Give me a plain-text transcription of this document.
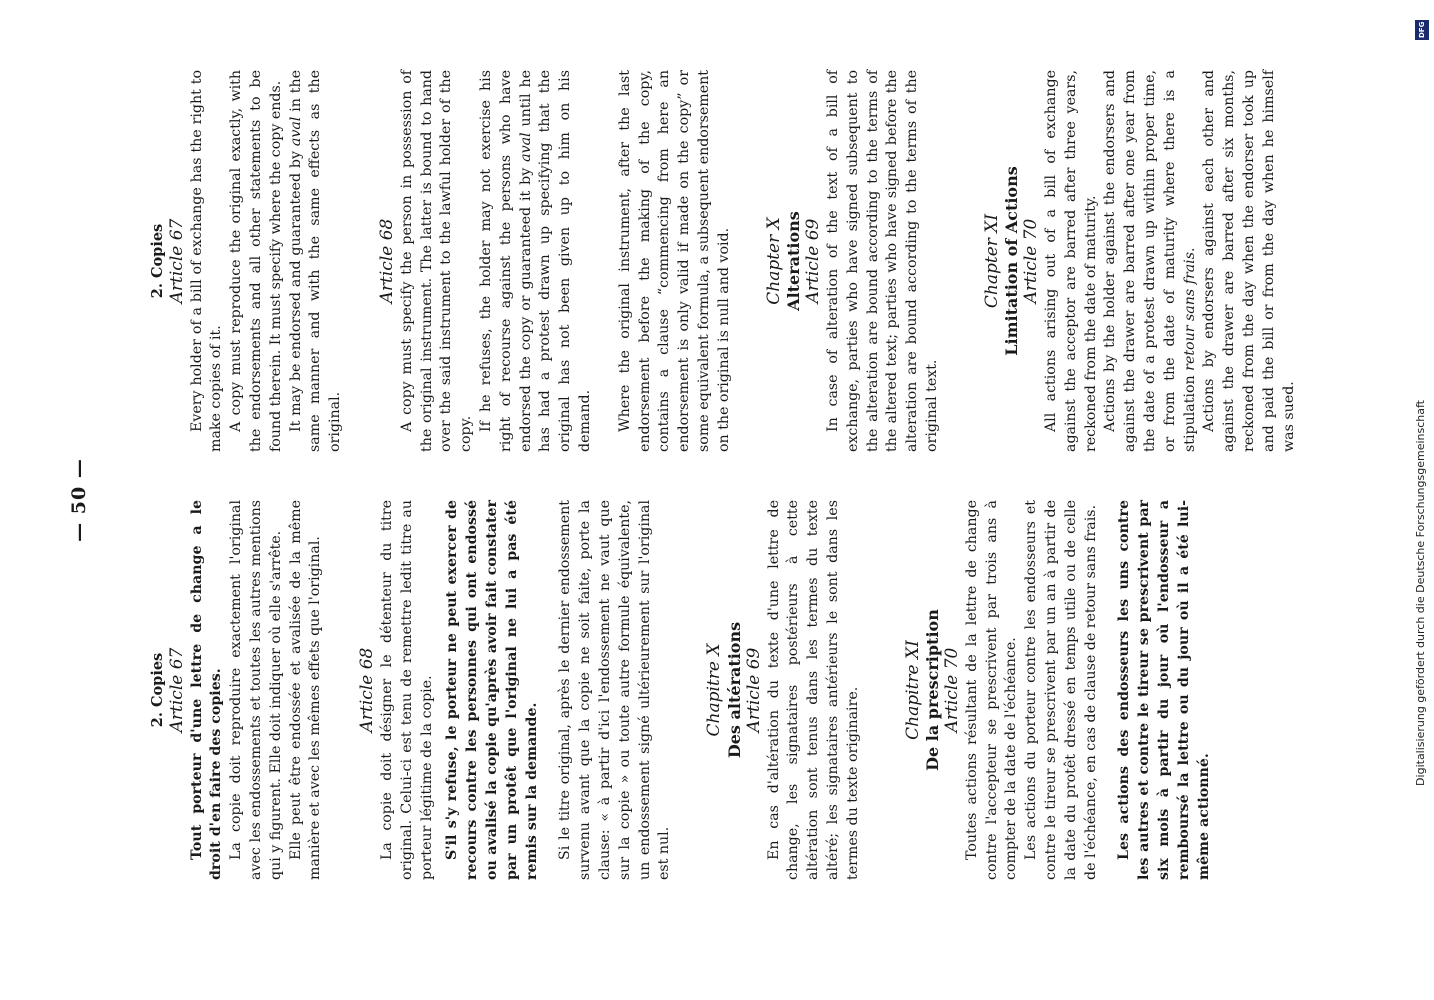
— 50 —
2. Copies Article 67 Tout porteur d'une lettre de change a le droit d'en faire des copies. La copie doit reproduire exactement l'original avec les endossements et toutes les autres mentions qui y figurent. Elle doit indiquer où elle s'arrête. Elle peut être endossée et avalisée de la même manière et avec les mêmes effets que l'original. Article 68 La copie doit désigner le détenteur du titre original. Celui-ci est tenu de remettre ledit titre au porteur légitime de la copie. S'il s'y refuse, le porteur ne peut exercer de recours contre les personnes qui ont endossé ou avalisé la copie qu'après avoir fait constater par un protêt que l'original ne lui a pas été remis sur la demande. Si le titre original, après le dernier endossement survenu avant que la copie ne soit faite, porte la clause: « à partir d'ici l'endossement ne vaut que sur la copie » ou toute autre formule équivalente, un endossement signé ultérieurement sur l'original est nul.

Chapitre X Des altérations Article 69 En cas d'altération du texte d'une lettre de change, les signataires postérieurs à cette altération sont tenus dans les termes du texte altéré; les signataires antérieurs le sont dans les termes du texte originaire. Chapitre XI De la prescription Article 70 Toutes actions résultant de la lettre de change contre l'accepteur se prescrivent par trois ans à compter de la date de l'échéance. Les actions du porteur contre les endosseurs et contre le tireur se prescrivent par un an à partir de la date du protêt dressé en temps utile ou de celle de l'échéance, en cas de clause de retour sans frais. Les actions des endosseurs les uns contre les autres et contre le tireur se prescrivent par six mois à partir du jour où l'endosseur a remboursé la lettre ou du jour où il a été lui-même actionné.

2. Copies Article 67 Every holder of a bill of exchange has the right to make copies of it. A copy must reproduce the original exactly, with the endorsements and all other statements to be found therein. It must specify where the copy ends. It may be endorsed and guaranteed by aval in the same manner and with the same effects as the original.

Article 68 A copy must specify the person in possession of the original instrument. The latter is bound to hand over the said instrument to the lawful holder of the copy.

If he refuses, the holder may not exercise his right of recourse against the persons who have endorsed the copy or guaranteed it by aval until he has had a protest drawn up specifying that the original has not been given up to him on his demand. Where the original instrument, after the last endorsement before the making of the copy, contains a clause “commencing from here an endorsement is only valid if made on the copy” or some equivalent formula, a subsequent endorsement on the original is null and void. Chapter X Alterations Article 69 In case of alteration of the text of a bill of exchange, parties who have signed subsequent to the alteration are bound according to the terms of the altered text; parties who have signed before the alteration are bound according to the terms of the original text.

Chapter XI Limitation of Actions Article 70 All actions arising out of a bill of exchange against the acceptor are barred after three years, reckoned from the date of maturity. Actions by the holder against the endorsers and against the drawer are barred after one year from the date of a protest drawn up within proper time, or from the date of maturity where there is a stipulation retour sans frais. Actions by endorsers against each other and against the drawer are barred after six months, reckoned from the day when the endorser took up and paid the bill or from the day when he himself was sued.

DFG
Digitalisierung gefördert durch die Deutsche Forschungsgemeinschaft
